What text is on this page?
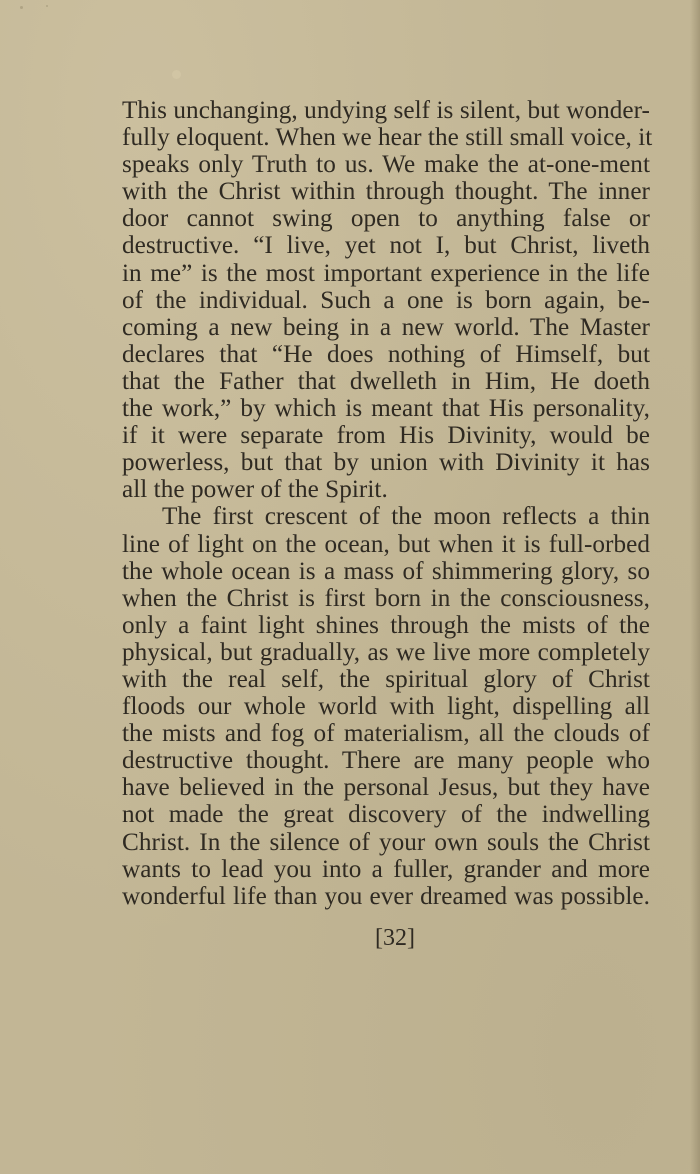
This unchanging, undying self is silent, but wonder-
fully eloquent. When we hear the still small voice, it
speaks only Truth to us. We make the at-one-ment
with the Christ within through thought. The inner
door cannot swing open to anything false or
destructive. “I live, yet not I, but Christ, liveth
in me” is the most important experience in the life
of the individual. Such a one is born again, be-
coming a new being in a new world. The Master
declares that “He does nothing of Himself, but
that the Father that dwelleth in Him, He doeth
the work,” by which is meant that His personality,
if it were separate from His Divinity, would be
powerless, but that by union with Divinity it has
all the power of the Spirit.
The first crescent of the moon reflects a thin
line of light on the ocean, but when it is full-orbed
the whole ocean is a mass of shimmering glory, so
when the Christ is first born in the consciousness,
only a faint light shines through the mists of the
physical, but gradually, as we live more completely
with the real self, the spiritual glory of Christ
floods our whole world with light, dispelling all
the mists and fog of materialism, all the clouds of
destructive thought. There are many people who
have believed in the personal Jesus, but they have
not made the great discovery of the indwelling
Christ. In the silence of your own souls the Christ
wants to lead you into a fuller, grander and more
wonderful life than you ever dreamed was possible.
[32]
